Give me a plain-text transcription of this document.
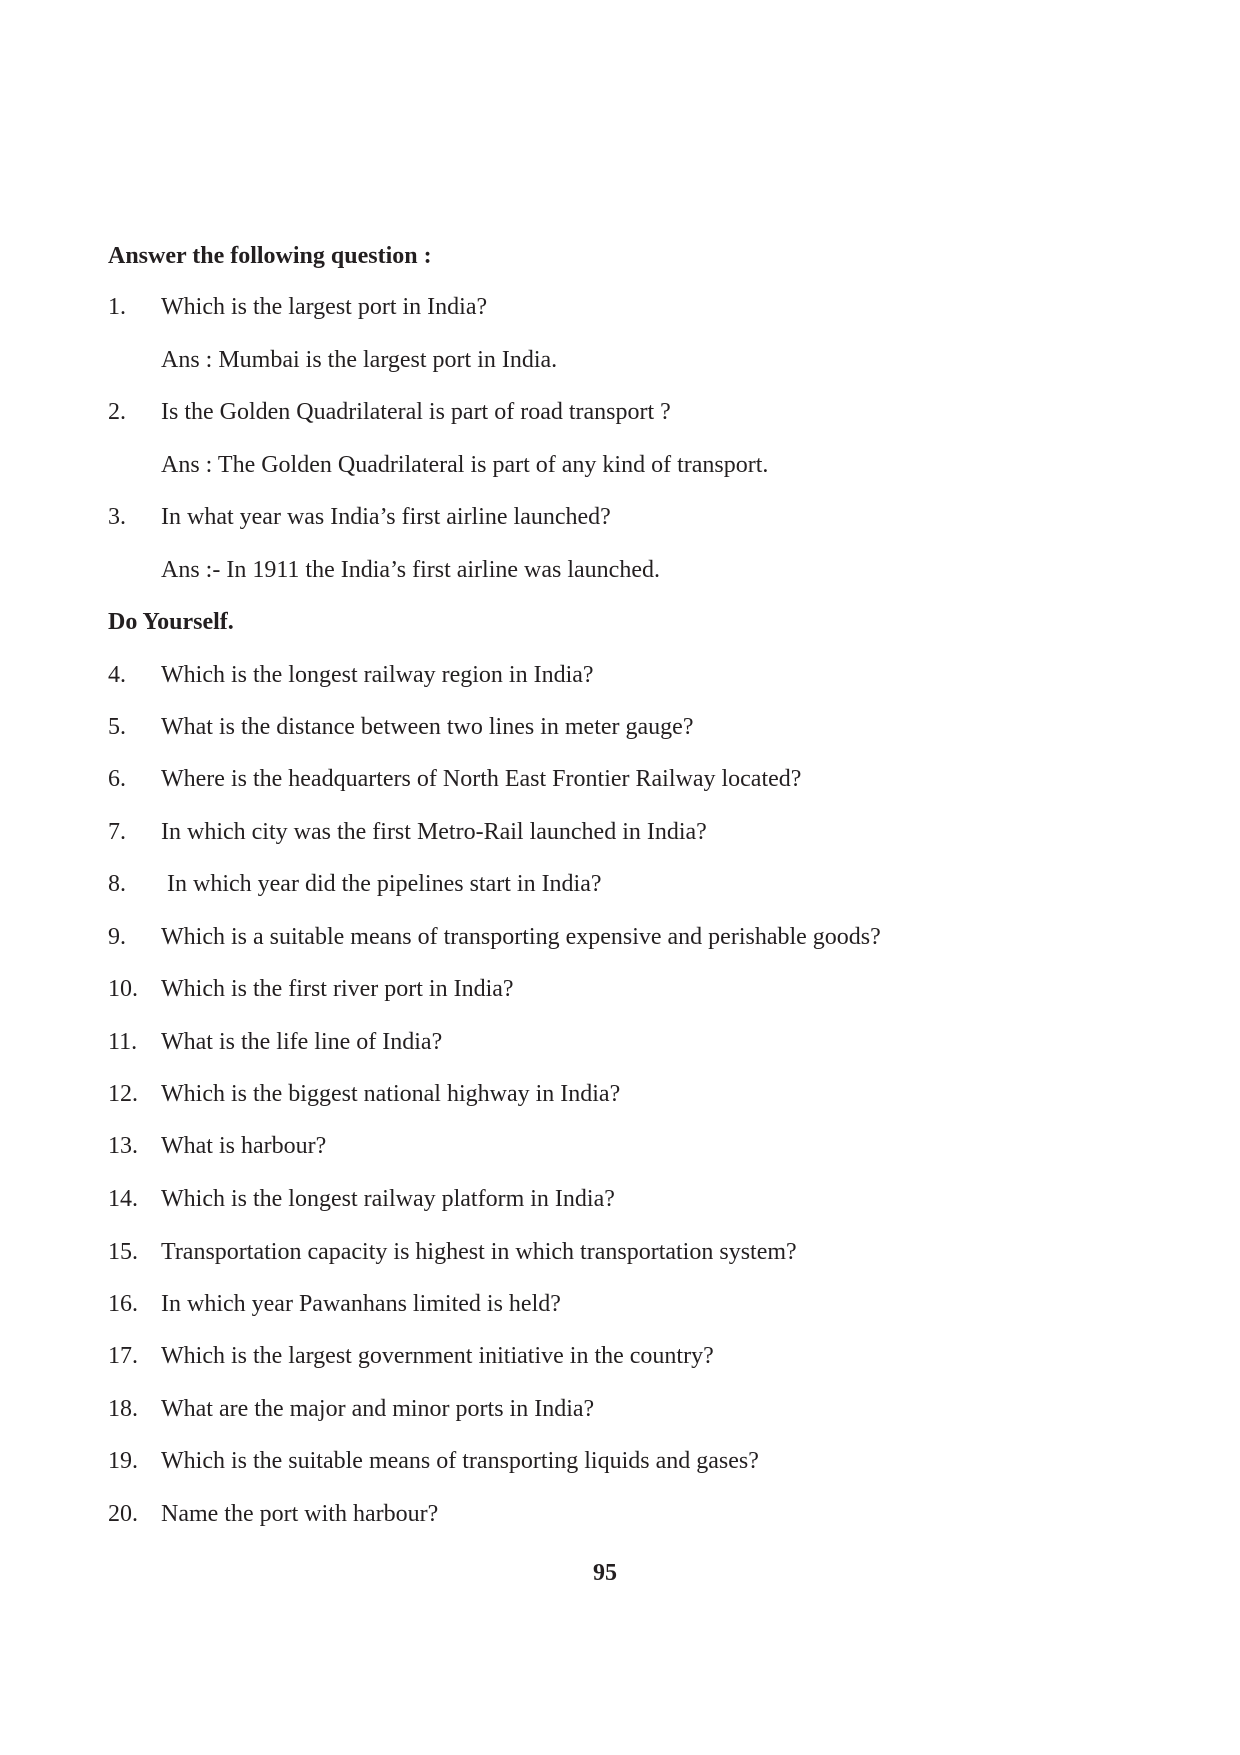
Answer the following question :
1. Which is the largest port in India?
Ans : Mumbai is the largest port in India.
2. Is the Golden Quadrilateral is part of road transport ?
Ans : The Golden Quadrilateral is part of any kind of transport.
3. In what year was India’s first airline launched?
Ans :- In 1911 the India’s first airline was launched.
Do Yourself.
4. Which is the longest railway region in India?
5. What is the distance between two lines in meter gauge?
6. Where is the headquarters of North East Frontier Railway located?
7. In which city was the first Metro-Rail launched in India?
8. In which year did the pipelines start in India?
9. Which is a suitable means of transporting expensive and perishable goods?
10. Which is the first river port in India?
11. What is the life line of India?
12. Which is the biggest national highway in India?
13. What is harbour?
14. Which is the longest railway platform in India?
15. Transportation capacity is highest in which transportation system?
16. In which year Pawanhans limited is held?
17. Which is the largest government initiative in the country?
18. What are the major and minor ports in India?
19. Which is the suitable means of transporting liquids and gases?
20. Name the port with harbour?
95
